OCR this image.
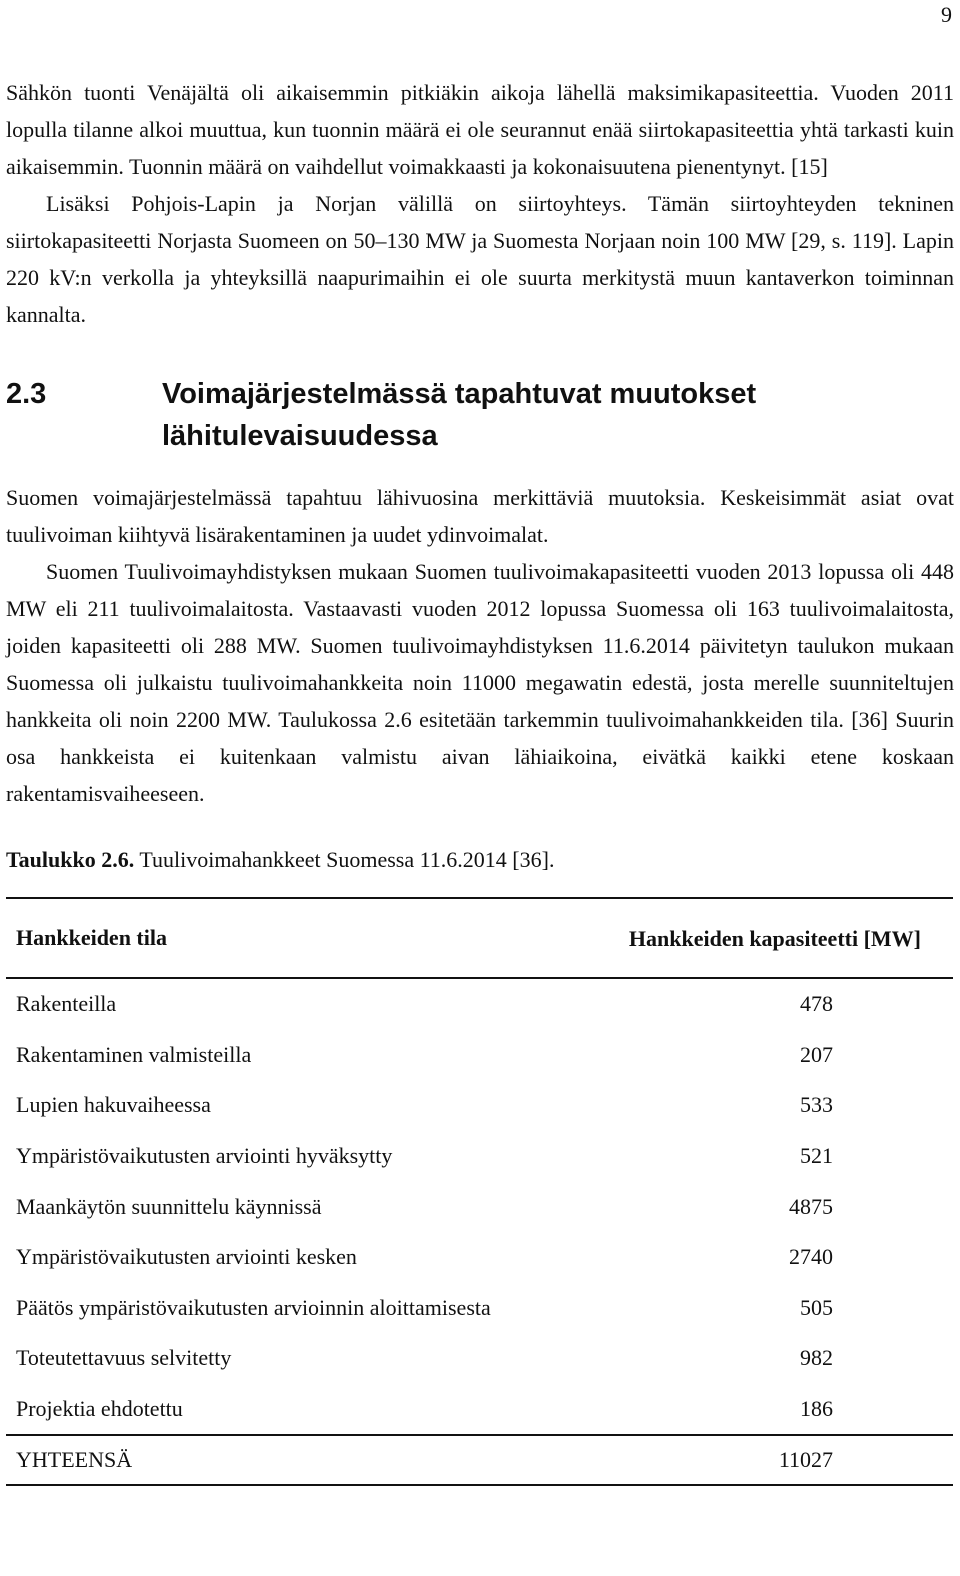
9

Sähkön tuonti Venäjältä oli aikaisemmin pitkiäkin aikoja lähellä maksimikapasiteettia. Vuoden 2011 lopulla tilanne alkoi muuttua, kun tuonnin määrä ei ole seurannut enää siirtokapasiteettia yhtä tarkasti kuin aikaisemmin. Tuonnin määrä on vaihdellut voimakkaasti ja kokonaisuutena pienentynyt. [15]

Lisäksi Pohjois-Lapin ja Norjan välillä on siirtoyhteys. Tämän siirtoyhteyden tekninen siirtokapasiteetti Norjasta Suomeen on 50–130 MW ja Suomesta Norjaan noin 100 MW [29, s. 119]. Lapin 220 kV:n verkolla ja yhteyksillä naapurimaihin ei ole suurta merkitystä muun kantaverkon toiminnan kannalta.

2.3	Voimajärjestelmässä tapahtuvat muutokset lähitulevaisuudessa

Suomen voimajärjestelmässä tapahtuu lähivuosina merkittäviä muutoksia. Keskeisimmät asiat ovat tuulivoiman kiihtyvä lisärakentaminen ja uudet ydinvoimalat.

Suomen Tuulivoimayhdistyksen mukaan Suomen tuulivoimakapasiteetti vuoden 2013 lopussa oli 448 MW eli 211 tuulivoimalaitosta. Vastaavasti vuoden 2012 lopussa Suomessa oli 163 tuulivoimalaitosta, joiden kapasiteetti oli 288 MW. Suomen tuulivoimayhdistyksen 11.6.2014 päivitetyn taulukon mukaan Suomessa oli julkaistu tuulivoimahankkeita noin 11000 megawatin edestä, josta merelle suunniteltujen hankkeita oli noin 2200 MW. Taulukossa 2.6 esitetään tarkemmin tuulivoimahankkeiden tila. [36] Suurin osa hankkeista ei kuitenkaan valmistu aivan lähiaikoina, eivätkä kaikki etene koskaan rakentamisvaiheeseen.

Taulukko 2.6. Tuulivoimahankkeet Suomessa 11.6.2014 [36].
Hankkeiden tila	Hankkeiden kapasiteetti [MW]
Rakenteilla	478
Rakentaminen valmisteilla	207
Lupien hakuvaiheessa	533
Ympäristövaikutusten arviointi hyväksytty	521
Maankäytön suunnittelu käynnissä	4875
Ympäristövaikutusten arviointi kesken	2740
Päätös ympäristövaikutusten arvioinnin aloittamisesta	505
Toteutettavuus selvitetty	982
Projektia ehdotettu	186
YHTEENSÄ	11027
